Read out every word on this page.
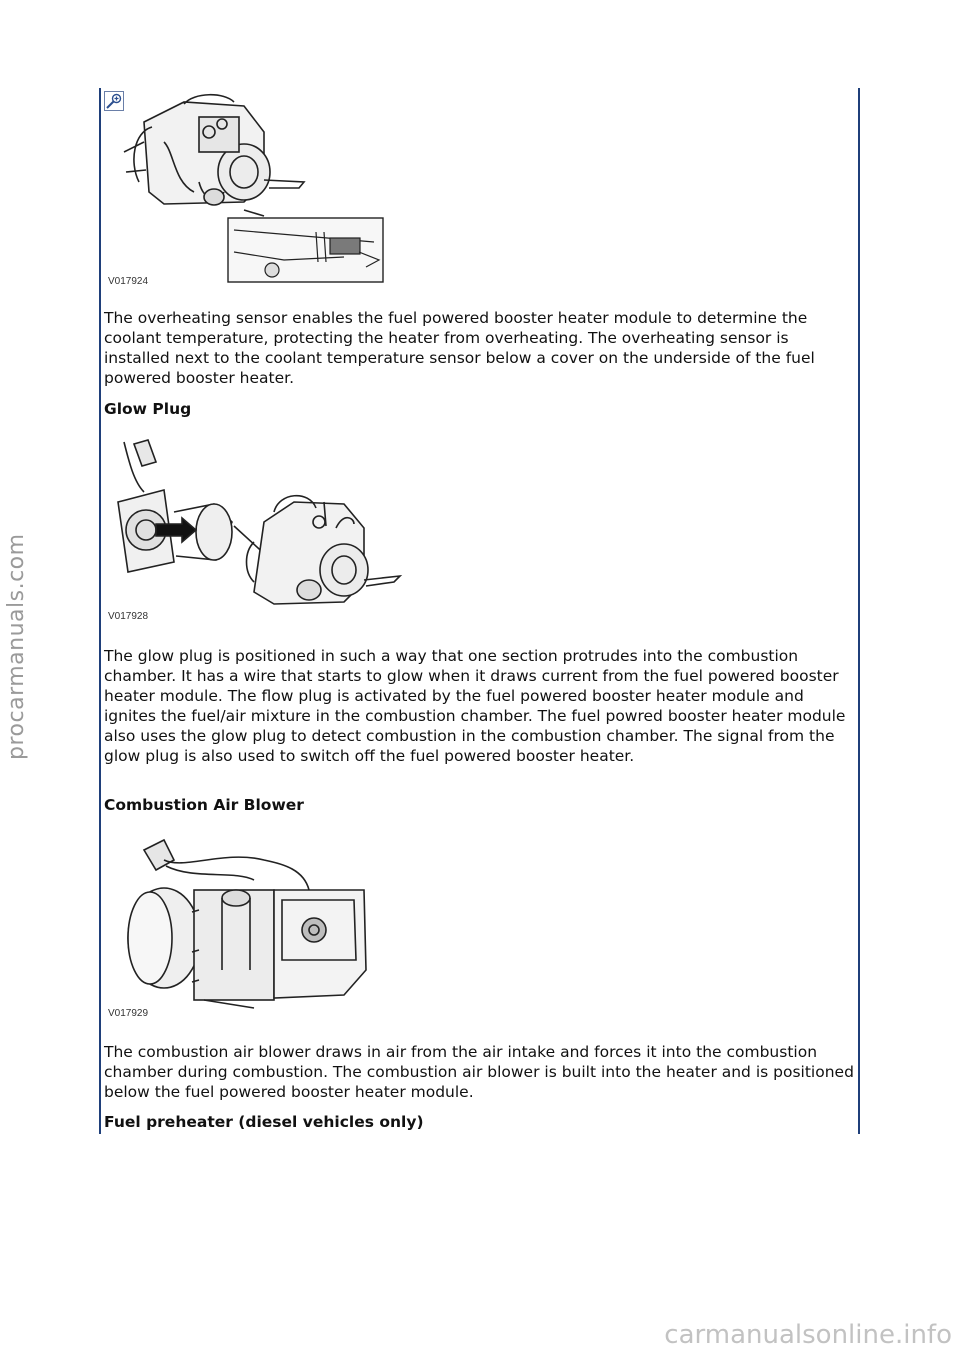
V017924
The overheating sensor enables the fuel powered booster heater module to determine the coolant temperature, protecting the heater from overheating. The overheating sensor is installed next to the coolant temperature sensor below a cover on the underside of the fuel powered booster heater.
Glow Plug
V017928
The glow plug is positioned in such a way that one section protrudes into the combustion chamber. It has a wire that starts to glow when it draws current from the fuel powered booster heater module. The flow plug is activated by the fuel powered booster heater module and ignites the fuel/air mixture in the combustion chamber. The fuel powred booster heater module also uses the glow plug to detect combustion in the combustion chamber. The signal from the glow plug is also used to switch off the fuel powered booster heater.
Combustion Air Blower
V017929
The combustion air blower draws in air from the air intake and forces it into the combustion chamber during combustion. The combustion air blower is built into the heater and is positioned below the fuel powered booster heater module.
Fuel preheater (diesel vehicles only)
procarmanuals.com
carmanualsonline.info
